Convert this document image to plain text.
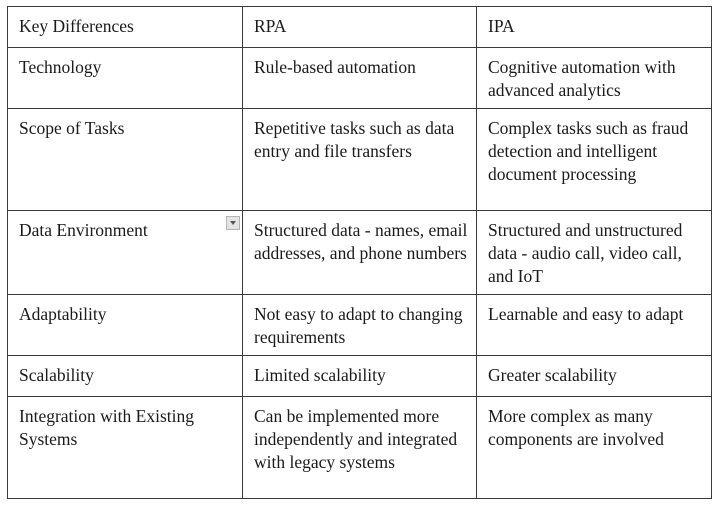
Key Differences	RPA	IPA
Technology	Rule-based automation	Cognitive automation with advanced analytics
Scope of Tasks	Repetitive tasks such as data entry and file transfers	Complex tasks such as fraud detection and intelligent document processing
Data Environment	Structured data - names, email addresses, and phone numbers	Structured and unstructured data - audio call, video call, and IoT
Adaptability	Not easy to adapt to changing requirements	Learnable and easy to adapt
Scalability	Limited scalability	Greater scalability
Integration with Existing Systems	Can be implemented more independently and integrated with legacy systems	More complex as many components are involved
